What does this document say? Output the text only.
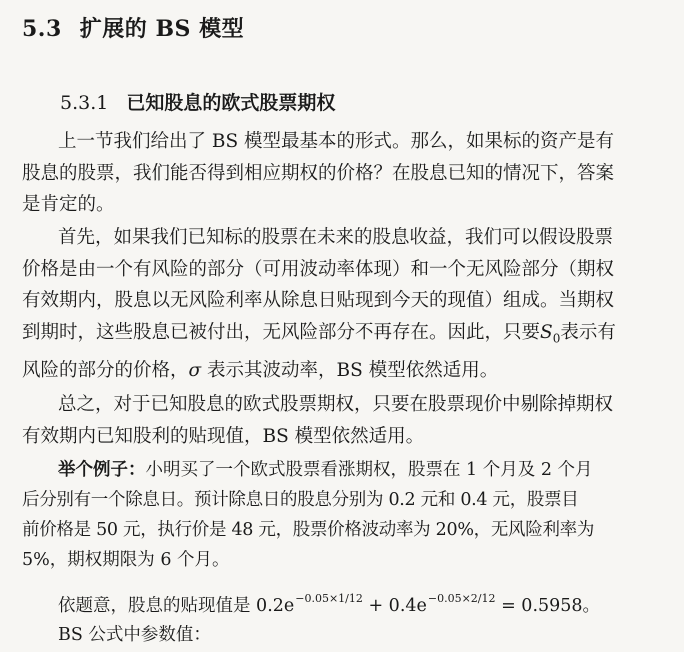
5.3 扩展的 BS 模型
5.3.1 已知股息的欧式股票期权

上一节我们给出了 BS 模型最基本的形式。那么，如果标的资产是有
股息的股票，我们能否得到相应期权的价格？在股息已知的情况下，答案
是肯定的。

首先，如果我们已知标的股票在未来的股息收益，我们可以假设股票
价格是由一个有风险的部分（可用波动率体现）和一个无风险部分（期权
有效期内，股息以无风险利率从除息日贴现到今天的现值）组成。当期权
到期时，这些股息已被付出，无风险部分不再存在。因此，只要$S_0$表示有
风险的部分的价格，σ 表示其波动率，BS 模型依然适用。

总之，对于已知股息的欧式股票期权，只要在股票现价中剔除掉期权
有效期内已知股利的贴现值，BS 模型依然适用。

举个例子：小明买了一个欧式股票看涨期权，股票在 1 个月及 2 个月
后分别有一个除息日。预计除息日的股息分别为 0.2 元和 0.4 元，股票目
前价格是 50 元，执行价是 48 元，股票价格波动率为 20%，无风险利率为
5%，期权期限为 6 个月。

依题意，股息的贴现值是 $0.2e^{-0.05\times 1/12} + 0.4e^{-0.05\times 2/12} = 0.5958$。

BS 公式中参数值：
